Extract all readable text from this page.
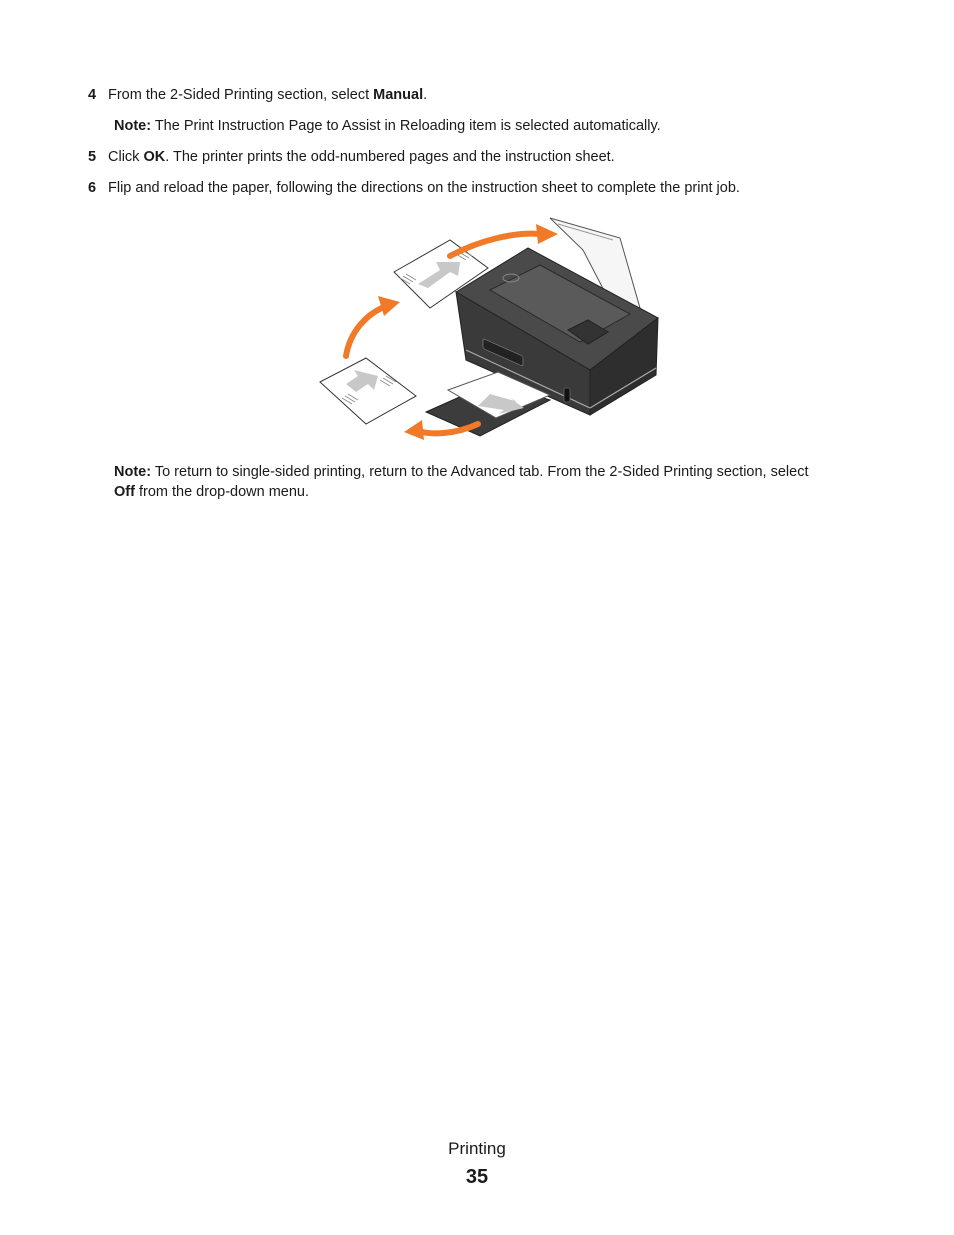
4 From the 2-Sided Printing section, select Manual.
Note: The Print Instruction Page to Assist in Reloading item is selected automatically.
5 Click OK. The printer prints the odd-numbered pages and the instruction sheet.
6 Flip and reload the paper, following the directions on the instruction sheet to complete the print job.
Note: To return to single-sided printing, return to the Advanced tab. From the 2-Sided Printing section, select
Off from the drop-down menu.
Printing
35
